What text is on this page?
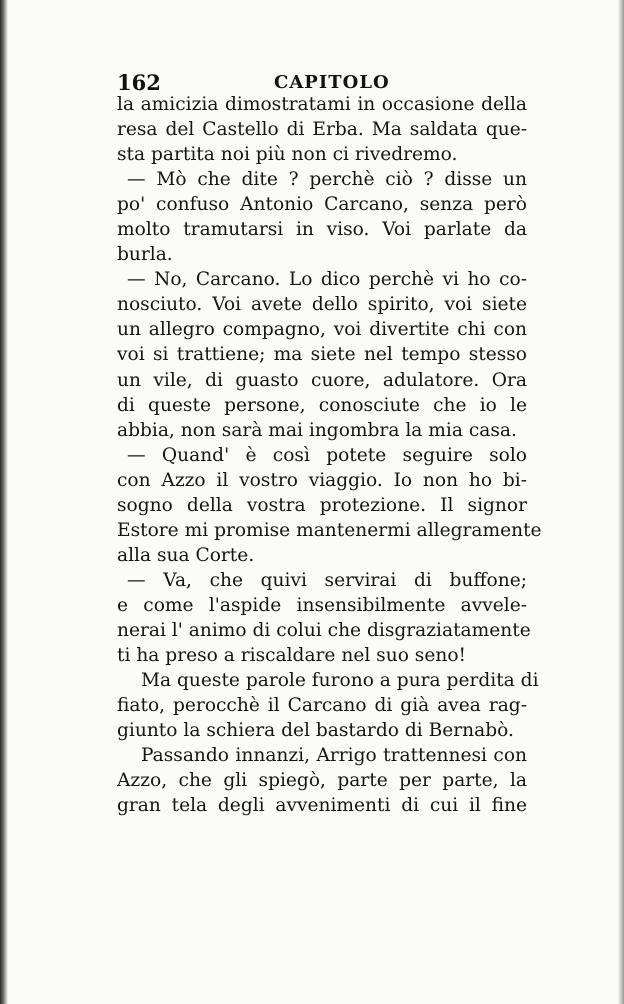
162	CAPITOLO
la amicizia dimostratami in occasione della
resa del Castello di Erba. Ma saldata que-
sta partita noi più non ci rivedremo.
— Mò che dite ? perchè ciò ? disse un
po' confuso Antonio Carcano, senza però
molto tramutarsi in viso. Voi parlate da
burla.
— No, Carcano. Lo dico perchè vi ho co-
nosciuto. Voi avete dello spirito, voi siete
un allegro compagno, voi divertite chi con
voi si trattiene; ma siete nel tempo stesso
un vile, di guasto cuore, adulatore. Ora
di queste persone, conosciute che io le
abbia, non sarà mai ingombra la mia casa.
— Quand' è così potete seguire solo
con Azzo il vostro viaggio. Io non ho bi-
sogno della vostra protezione. Il signor
Estore mi promise mantenermi allegramente
alla sua Corte.
— Va, che quivi servirai di buffone;
e come l'aspide insensibilmente avvele-
nerai l' animo di colui che disgraziatamente
ti ha preso a riscaldare nel suo seno!
Ma queste parole furono a pura perdita di
fiato, perocchè il Carcano di già avea rag-
giunto la schiera del bastardo di Bernabò.
Passando innanzi, Arrigo trattennesi con
Azzo, che gli spiegò, parte per parte, la
gran tela degli avvenimenti di cui il fine
